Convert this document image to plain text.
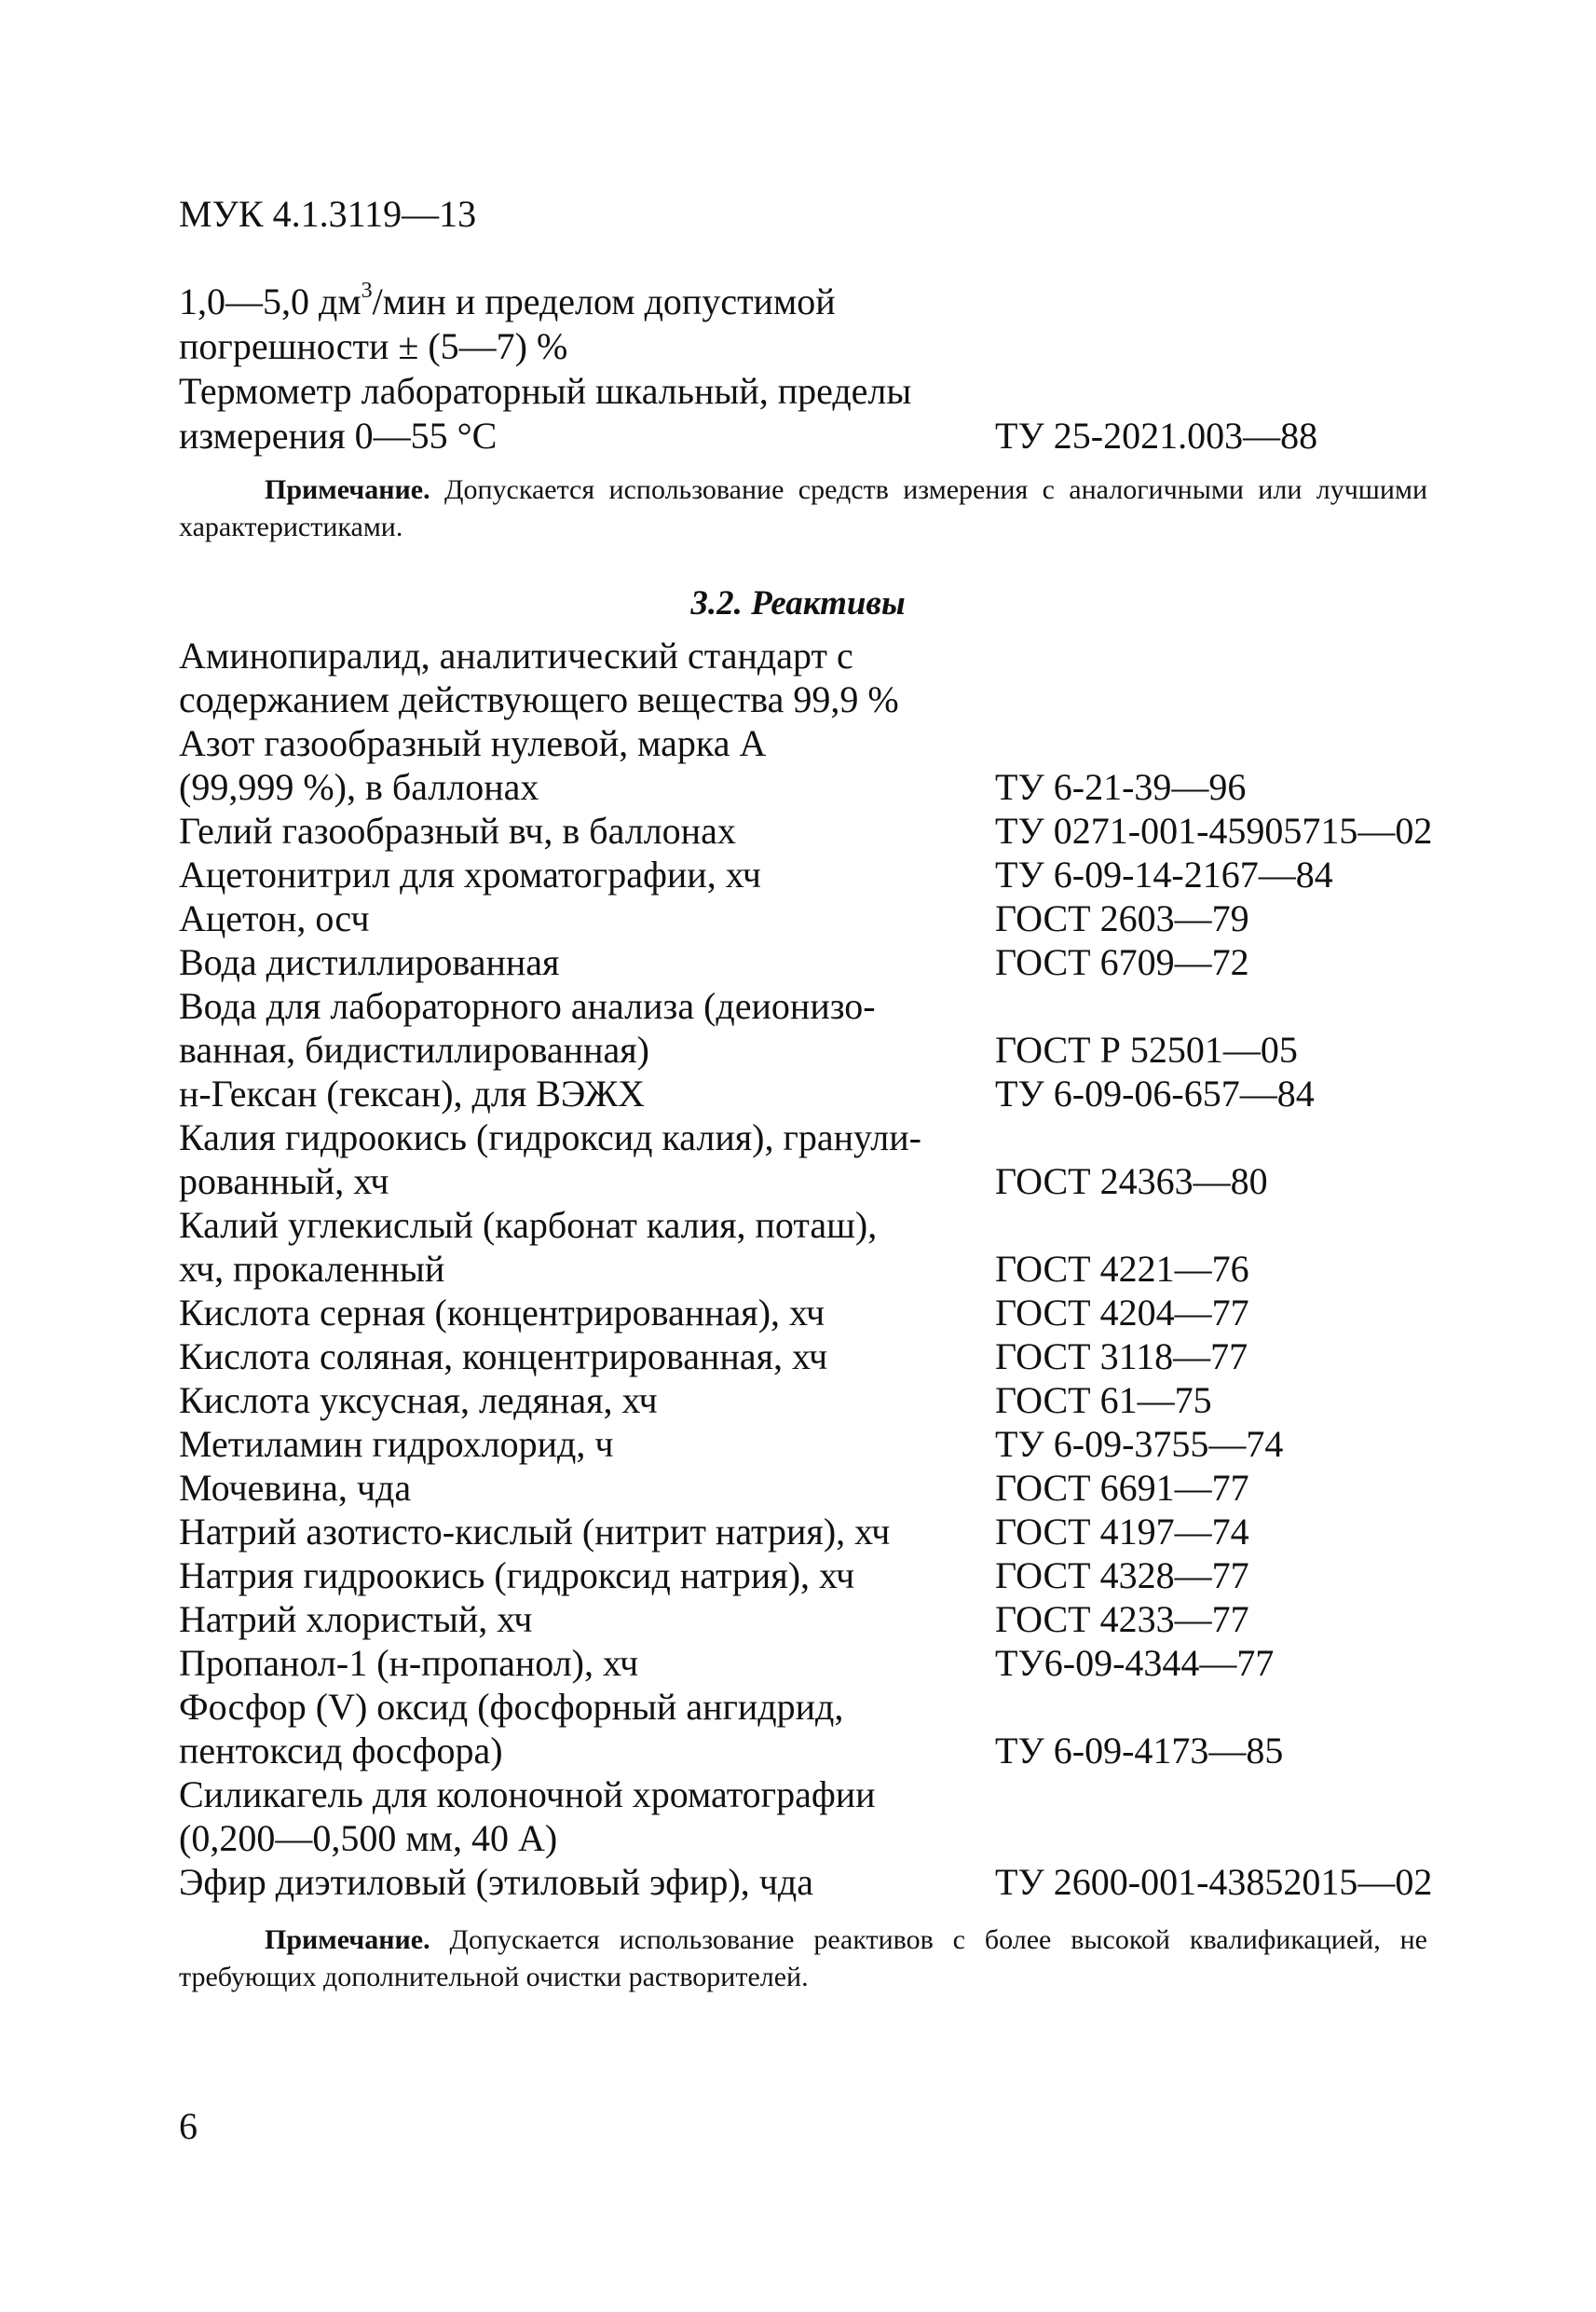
МУК 4.1.3119—13
1,0—5,0 $дм^3$/мин и пределом допустимой
погрешности ± (5—7) %
Термометр лабораторный шкальный, пределы
измерения 0—55 °С	ТУ 25-2021.003—88
Примечание. Допускается использование средств измерения с аналогичными или лучшими характеристиками.
3.2. Реактивы
Аминопиралид, аналитический стандарт с
содержанием действующего вещества 99,9 %
Азот газообразный нулевой, марка А
(99,999 %), в баллонах	ТУ 6-21-39—96
Гелий газообразный вч, в баллонах	ТУ 0271-001-45905715—02
Ацетонитрил для хроматографии, хч	ТУ 6-09-14-2167—84
Ацетон, осч	ГОСТ 2603—79
Вода дистиллированная	ГОСТ 6709—72
Вода для лабораторного анализа (деионизо-
ванная, бидистиллированная)	ГОСТ Р 52501—05
н-Гексан (гексан), для ВЭЖХ	ТУ 6-09-06-657—84
Калия гидроокись (гидроксид калия), гранули-
рованный, хч	ГОСТ 24363—80
Калий углекислый (карбонат калия, поташ),
хч, прокаленный	ГОСТ 4221—76
Кислота серная (концентрированная), хч	ГОСТ 4204—77
Кислота соляная, концентрированная, хч	ГОСТ 3118—77
Кислота уксусная, ледяная, хч	ГОСТ 61—75
Метиламин гидрохлорид, ч	ТУ 6-09-3755—74
Мочевина, чда	ГОСТ 6691—77
Натрий азотисто-кислый (нитрит натрия), хч	ГОСТ 4197—74
Натрия гидроокись (гидроксид натрия), хч	ГОСТ 4328—77
Натрий хлористый, хч	ГОСТ 4233—77
Пропанол-1 (н-пропанол), хч	ТУ6-09-4344—77
Фосфор (V) оксид (фосфорный ангидрид,
пентоксид фосфора)	ТУ 6-09-4173—85
Силикагель для колоночной хроматографии
(0,200—0,500 мм, 40 А)
Эфир диэтиловый (этиловый эфир), чда	ТУ 2600-001-43852015—02
Примечание. Допускается использование реактивов с более высокой квалификацией, не требующих дополнительной очистки растворителей.
6
